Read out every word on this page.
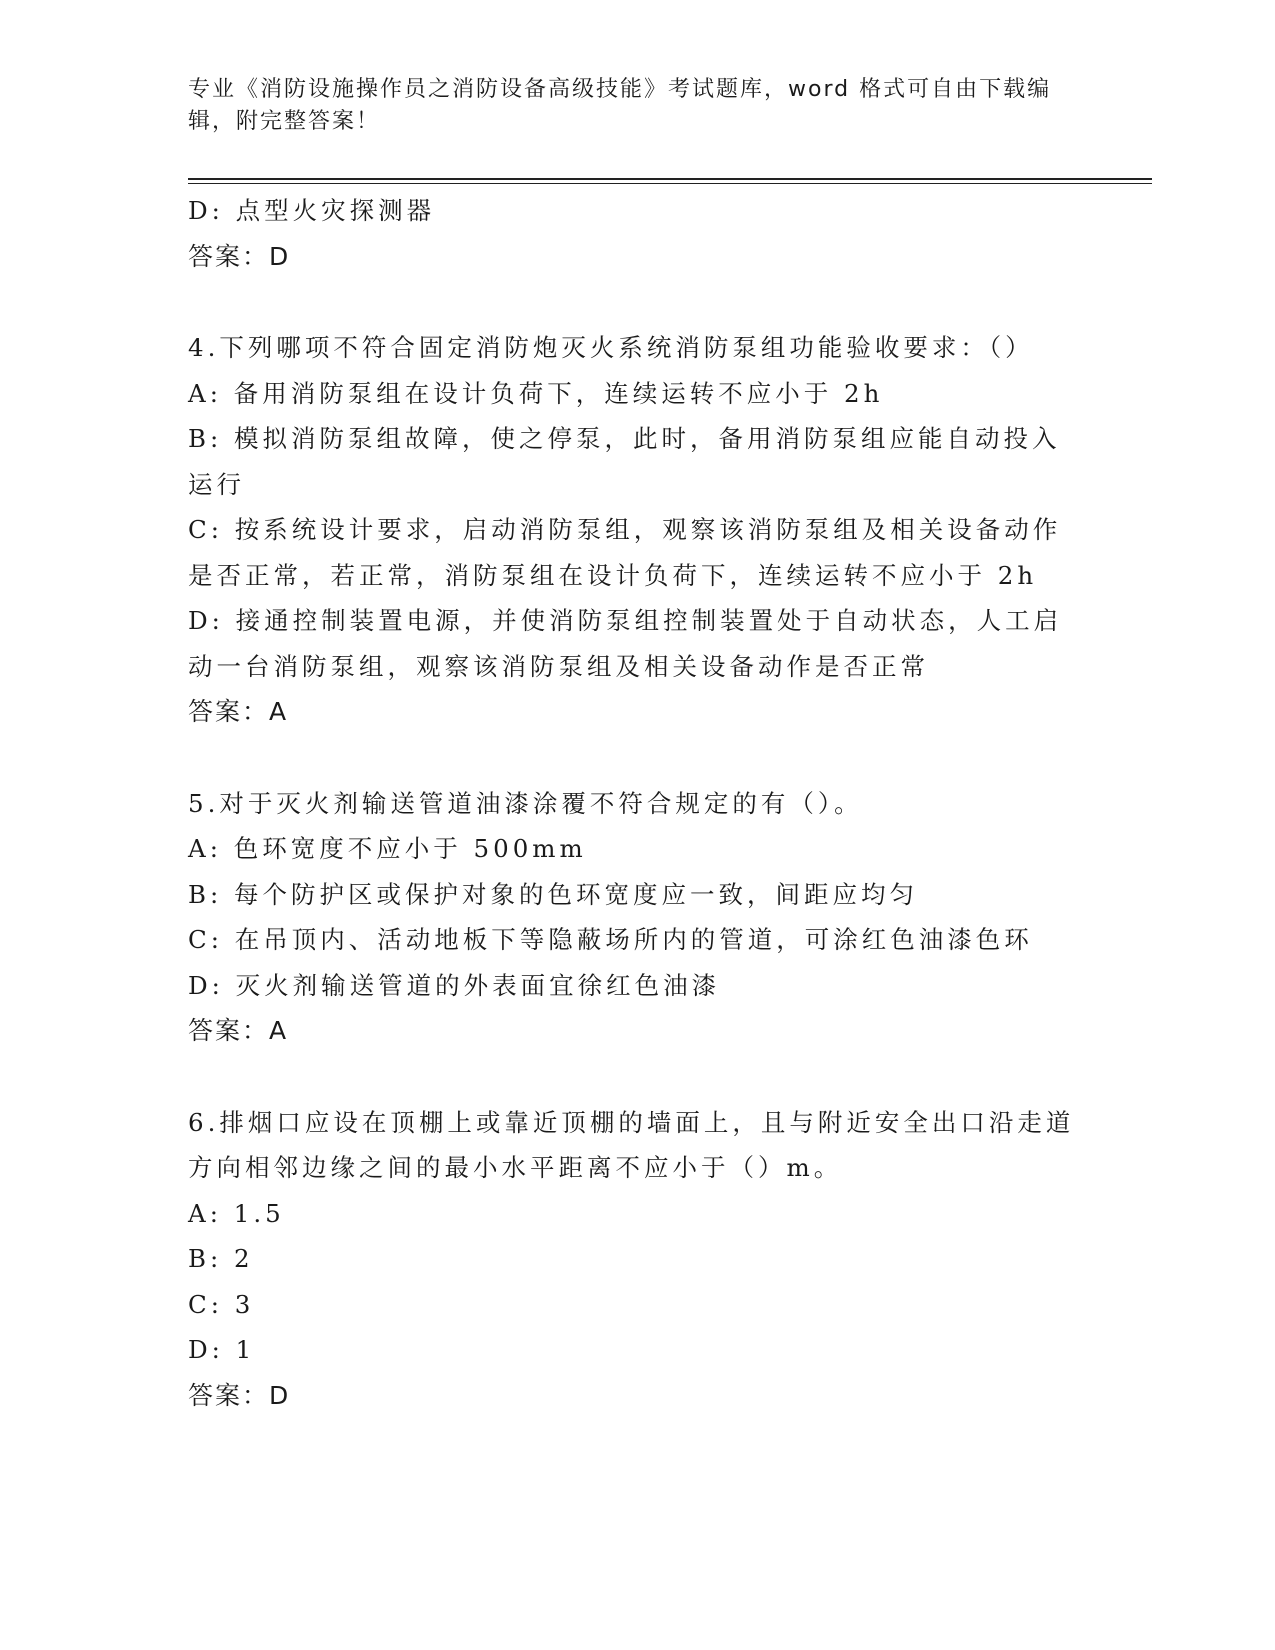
专业《消防设施操作员之消防设备高级技能》考试题库，word 格式可自由下载编辑，附完整答案！

D: 点型火灾探测器

答案：D

4.下列哪项不符合固定消防炮灭火系统消防泵组功能验收要求：（）

A: 备用消防泵组在设计负荷下，连续运转不应小于 2h

B: 模拟消防泵组故障，使之停泵，此时，备用消防泵组应能自动投入运行

C: 按系统设计要求，启动消防泵组，观察该消防泵组及相关设备动作是否正常，若正常，消防泵组在设计负荷下，连续运转不应小于 2h

D: 接通控制装置电源，并使消防泵组控制装置处于自动状态，人工启动一台消防泵组，观察该消防泵组及相关设备动作是否正常

答案：A

5.对于灭火剂输送管道油漆涂覆不符合规定的有（）。

A: 色环宽度不应小于 500mm

B: 每个防护区或保护对象的色环宽度应一致，间距应均匀

C: 在吊顶内、活动地板下等隐蔽场所内的管道，可涂红色油漆色环

D: 灭火剂输送管道的外表面宜徐红色油漆

答案：A

6.排烟口应设在顶棚上或靠近顶棚的墙面上，且与附近安全出口沿走道方向相邻边缘之间的最小水平距离不应小于（）m。

A: 1.5

B: 2

C: 3

D: 1

答案：D
